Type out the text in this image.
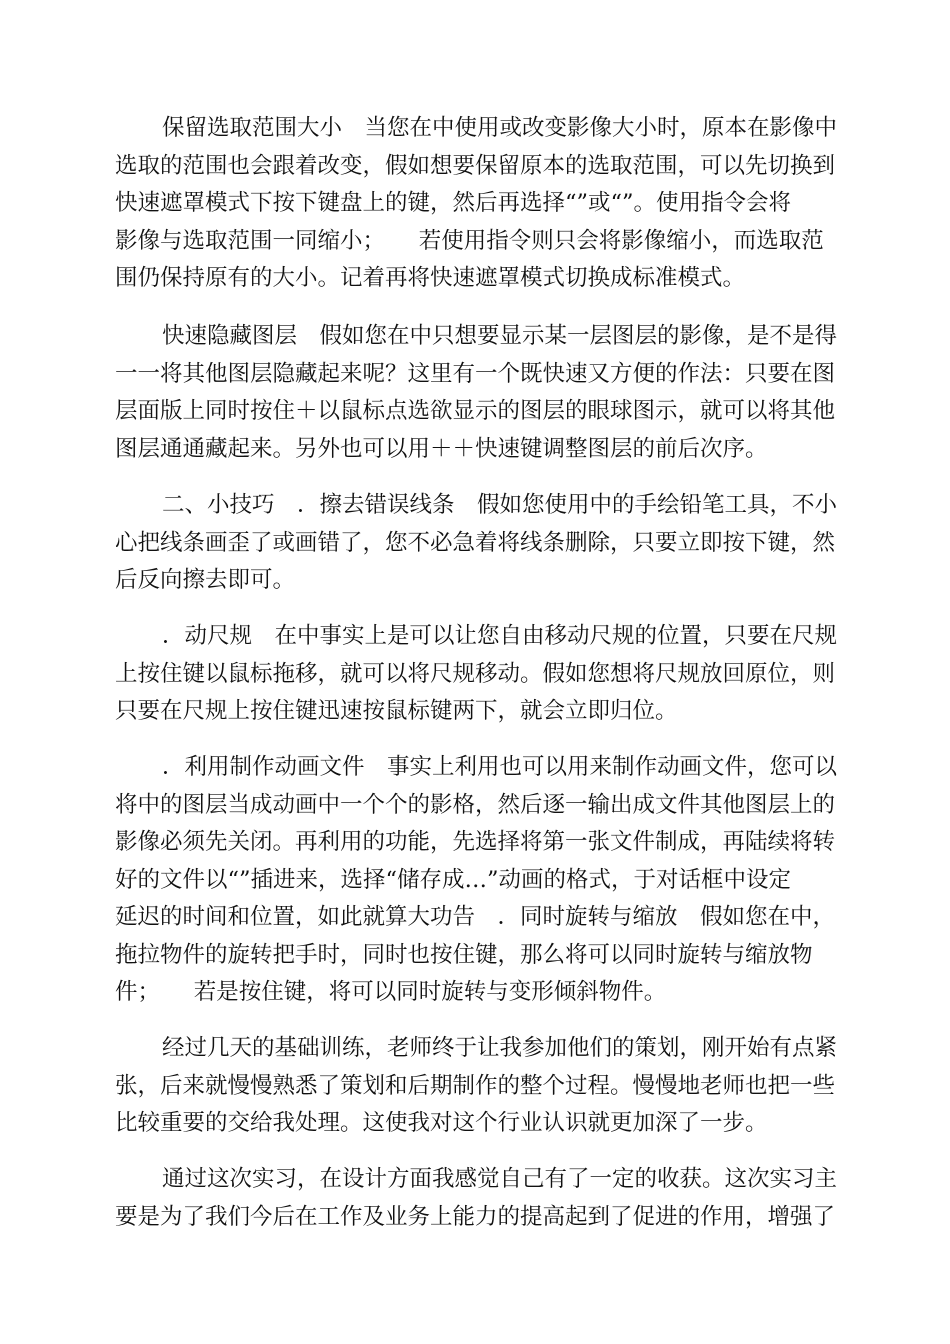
保留选取范围大小　当您在中使用或改变影像大小时，原本在影像中
选取的范围也会跟着改变，假如想要保留原本的选取范围，可以先切换到
快速遮罩模式下按下键盘上的键，然后再选择“”或“”。使用指令会将
影像与选取范围一同缩小；　　若使用指令则只会将影像缩小，而选取范
围仍保持原有的大小。记着再将快速遮罩模式切换成标准模式。
快速隐藏图层　假如您在中只想要显示某一层图层的影像，是不是得
一一将其他图层隐藏起来呢？这里有一个既快速又方便的作法：只要在图
层面版上同时按住＋以鼠标点选欲显示的图层的眼球图示，就可以将其他
图层通通藏起来。另外也可以用＋＋快速键调整图层的前后次序。
二、小技巧　．擦去错误线条　假如您使用中的手绘铅笔工具，不小
心把线条画歪了或画错了，您不必急着将线条删除，只要立即按下键，然
后反向擦去即可。
．动尺规　在中事实上是可以让您自由移动尺规的位置，只要在尺规
上按住键以鼠标拖移，就可以将尺规移动。假如您想将尺规放回原位，则
只要在尺规上按住键迅速按鼠标键两下，就会立即归位。
．利用制作动画文件　事实上利用也可以用来制作动画文件，您可以
将中的图层当成动画中一个个的影格，然后逐一输出成文件其他图层上的
影像必须先关闭。再利用的功能，先选择将第一张文件制成，再陆续将转
好的文件以“”插进来，选择“储存成…”动画的格式，于对话框中设定
延迟的时间和位置，如此就算大功告　．同时旋转与缩放　假如您在中，
拖拉物件的旋转把手时，同时也按住键，那么将可以同时旋转与缩放物
件；　　若是按住键，将可以同时旋转与变形倾斜物件。
经过几天的基础训练，老师终于让我参加他们的策划，刚开始有点紧
张，后来就慢慢熟悉了策划和后期制作的整个过程。慢慢地老师也把一些
比较重要的交给我处理。这使我对这个行业认识就更加深了一步。
通过这次实习，在设计方面我感觉自己有了一定的收获。这次实习主
要是为了我们今后在工作及业务上能力的提高起到了促进的作用，增强了
